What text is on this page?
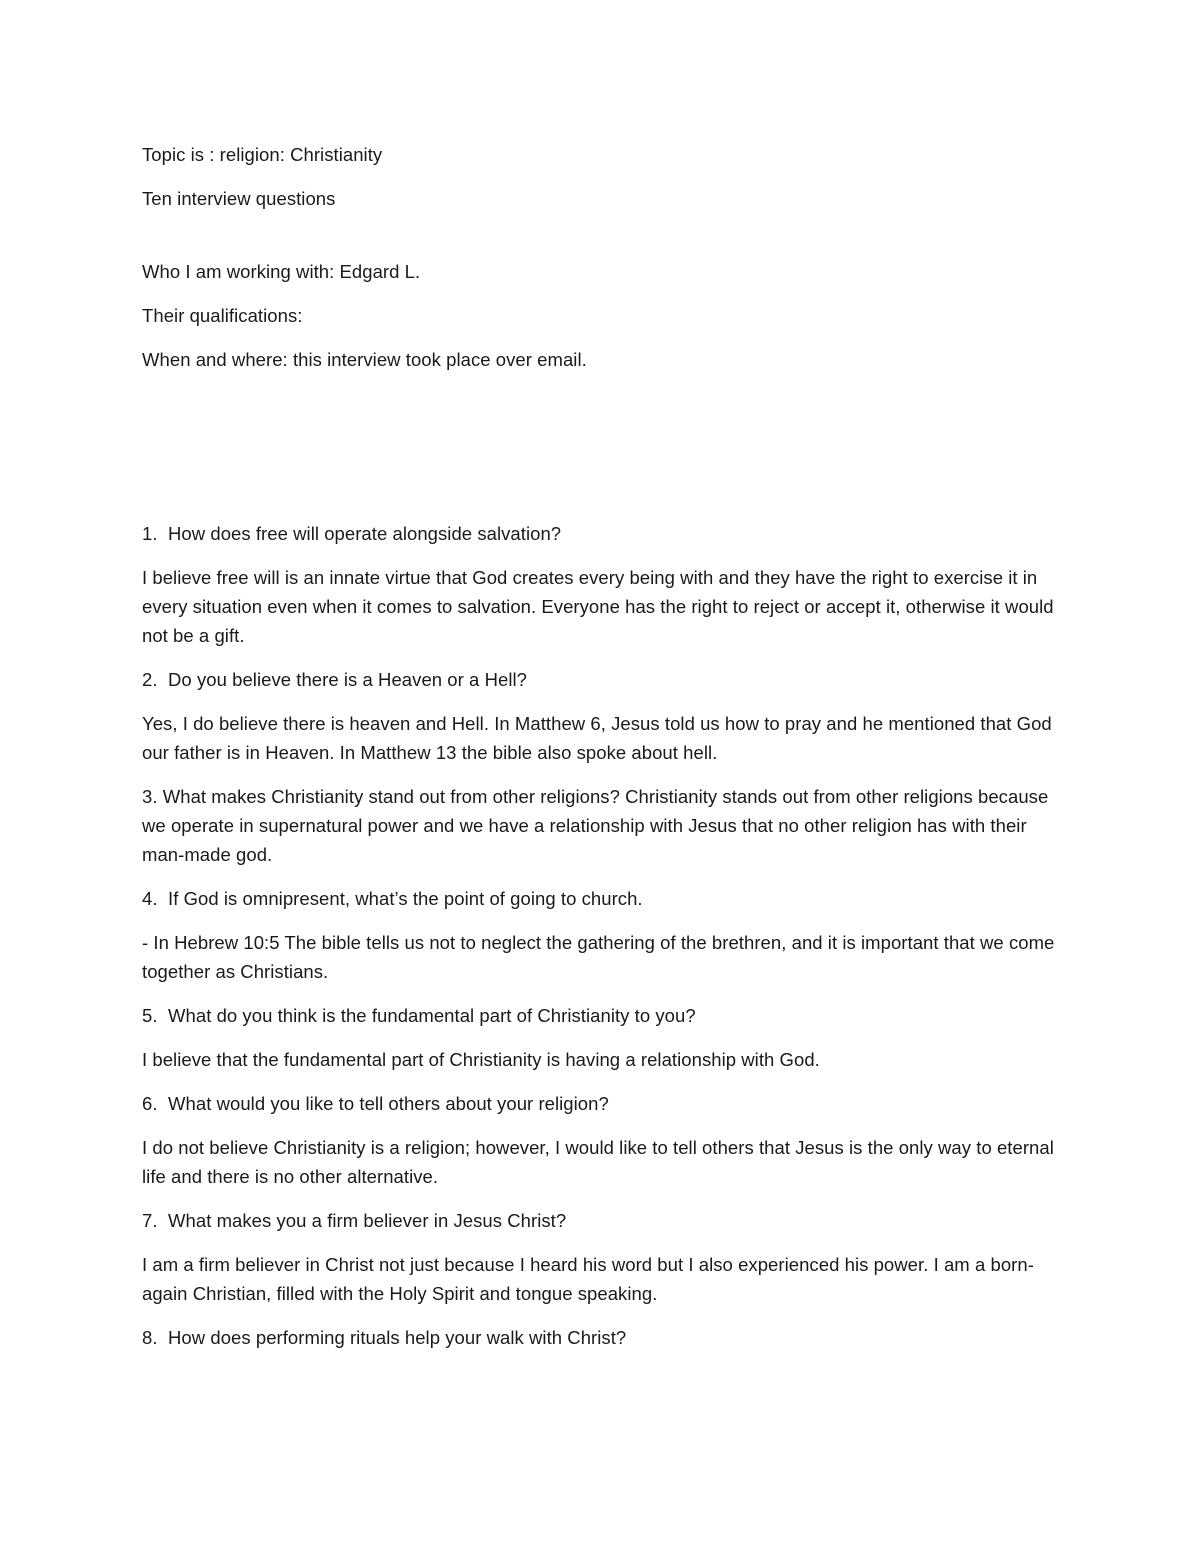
Topic is : religion: Christianity

Ten interview questions

Who I am working with: Edgard L.

Their qualifications:

When and where: this interview took place over email.

1. How does free will operate alongside salvation?

I believe free will is an innate virtue that God creates every being with and they have the right to exercise it in every situation even when it comes to salvation. Everyone has the right to reject or accept it, otherwise it would not be a gift.

2. Do you believe there is a Heaven or a Hell?

Yes, I do believe there is heaven and Hell. In Matthew 6, Jesus told us how to pray and he mentioned that God our father is in Heaven. In Matthew 13 the bible also spoke about hell.

3. What makes Christianity stand out from other religions? Christianity stands out from other religions because we operate in supernatural power and we have a relationship with Jesus that no other religion has with their man-made god.

4. If God is omnipresent, what’s the point of going to church.

- In Hebrew 10:5 The bible tells us not to neglect the gathering of the brethren, and it is important that we come together as Christians.

5. What do you think is the fundamental part of Christianity to you?

I believe that the fundamental part of Christianity is having a relationship with God.

6. What would you like to tell others about your religion?

I do not believe Christianity is a religion; however, I would like to tell others that Jesus is the only way to eternal life and there is no other alternative.

7. What makes you a firm believer in Jesus Christ?

I am a firm believer in Christ not just because I heard his word but I also experienced his power. I am a born-again Christian, filled with the Holy Spirit and tongue speaking.

8. How does performing rituals help your walk with Christ?
